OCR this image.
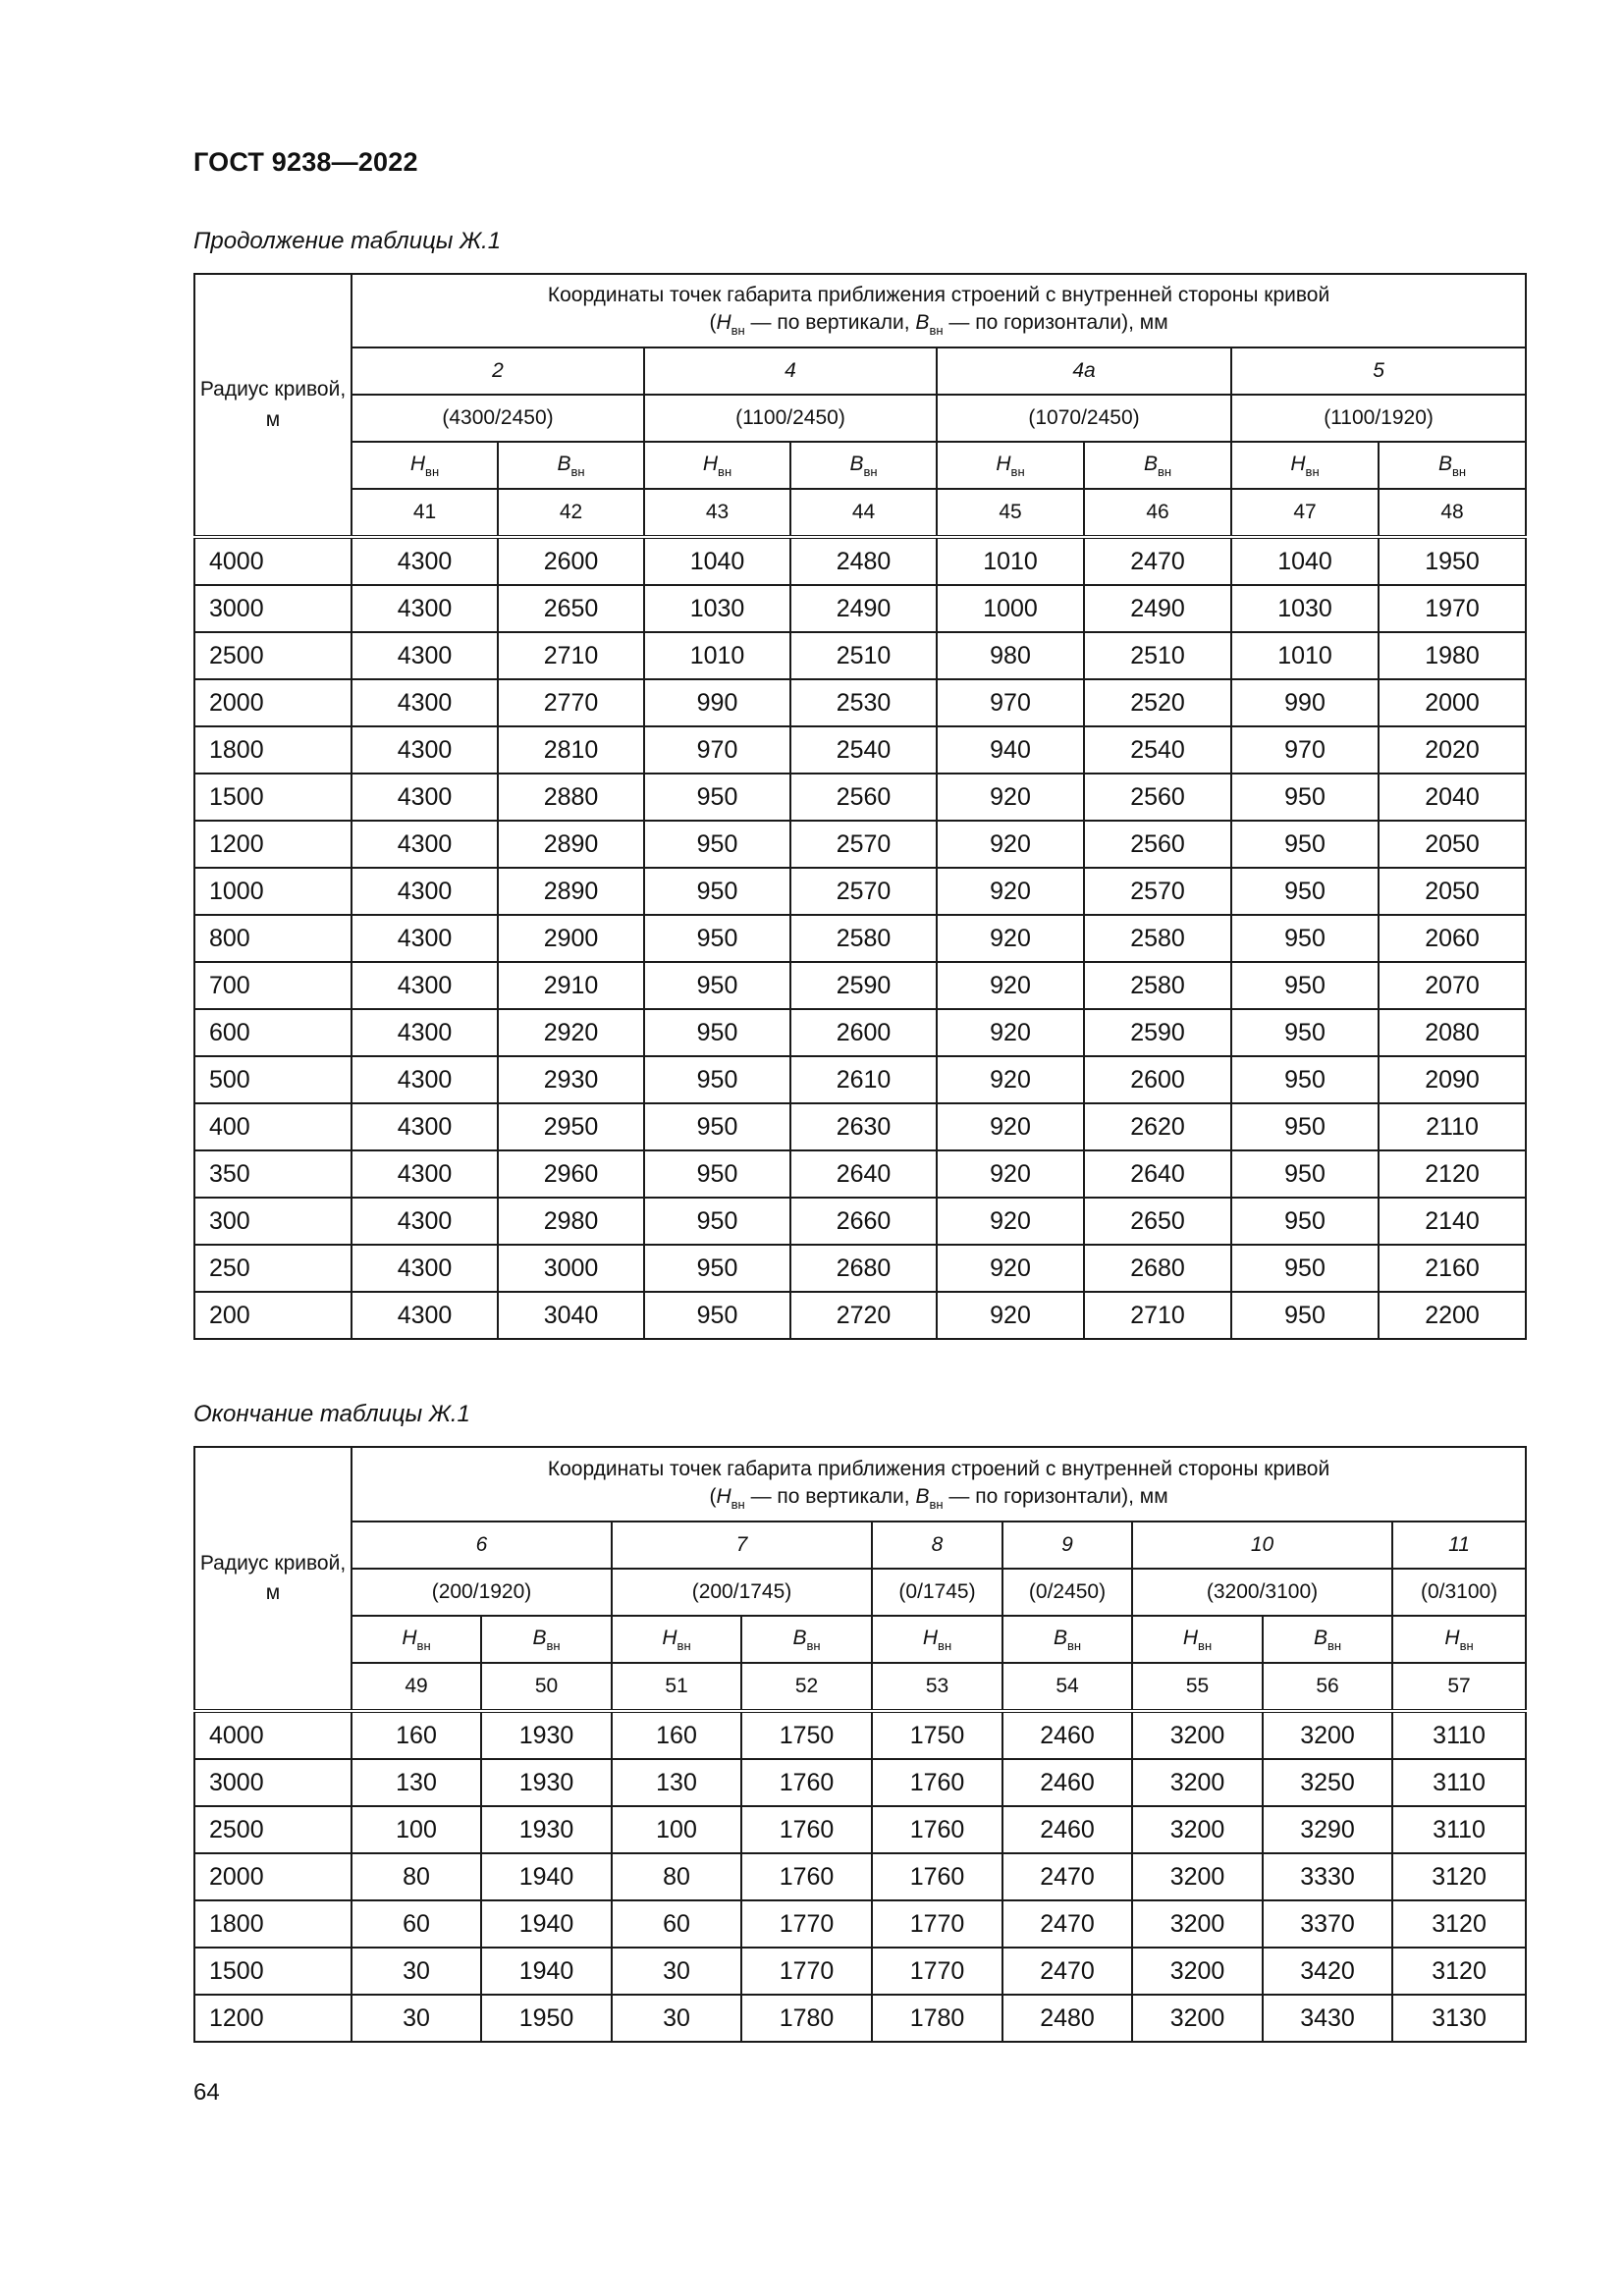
ГОСТ 9238—2022
Продолжение таблицы Ж.1
Радиус кривой, м	Координаты точек габарита приближения строений с внутренней стороны кривой
($H_{вн}$ — по вертикали, $B_{вн}$ — по горизонтали), мм							

	2		4		4а		5	
	(4300/2450)		(1100/2450)		(1070/2450)		(1100/1920)	
	$H_{вн}$	$B_{вн}$	$H_{вн}$	$B_{вн}$	$H_{вн}$	$B_{вн}$	$H_{вн}$	$B_{вн}$
	41	42	43	44	45	46	47	48
4000	4300	2600	1040	2480	1010	2470	1040	1950
3000	4300	2650	1030	2490	1000	2490	1030	1970
2500	4300	2710	1010	2510	980	2510	1010	1980
2000	4300	2770	990	2530	970	2520	990	2000
1800	4300	2810	970	2540	940	2540	970	2020
1500	4300	2880	950	2560	920	2560	950	2040
1200	4300	2890	950	2570	920	2560	950	2050
1000	4300	2890	950	2570	920	2570	950	2050
800	4300	2900	950	2580	920	2580	950	2060
700	4300	2910	950	2590	920	2580	950	2070
600	4300	2920	950	2600	920	2590	950	2080
500	4300	2930	950	2610	920	2600	950	2090
400	4300	2950	950	2630	920	2620	950	2110
350	4300	2960	950	2640	920	2640	950	2120
300	4300	2980	950	2660	920	2650	950	2140
250	4300	3000	950	2680	920	2680	950	2160
200	4300	3040	950	2720	920	2710	950	2200
Окончание таблицы Ж.1
Радиус кривой, м	Координаты точек габарита приближения строений с внутренней стороны кривой
($H_{вн}$ — по вертикали, $B_{вн}$ — по горизонтали), мм								

	6		7		8	9	10		11
	(200/1920)		(200/1745)		(0/1745)	(0/2450)	(3200/3100)		(0/3100)
	$H_{вн}$	$B_{вн}$	$H_{вн}$	$B_{вн}$	$H_{вн}$	$B_{вн}$	$H_{вн}$	$B_{вн}$	$H_{вн}$
	49	50	51	52	53	54	55	56	57
4000	160	1930	160	1750	1750	2460	3200	3200	3110
3000	130	1930	130	1760	1760	2460	3200	3250	3110
2500	100	1930	100	1760	1760	2460	3200	3290	3110
2000	80	1940	80	1760	1760	2470	3200	3330	3120
1800	60	1940	60	1770	1770	2470	3200	3370	3120
1500	30	1940	30	1770	1770	2470	3200	3420	3120
1200	30	1950	30	1780	1780	2480	3200	3430	3130
64
